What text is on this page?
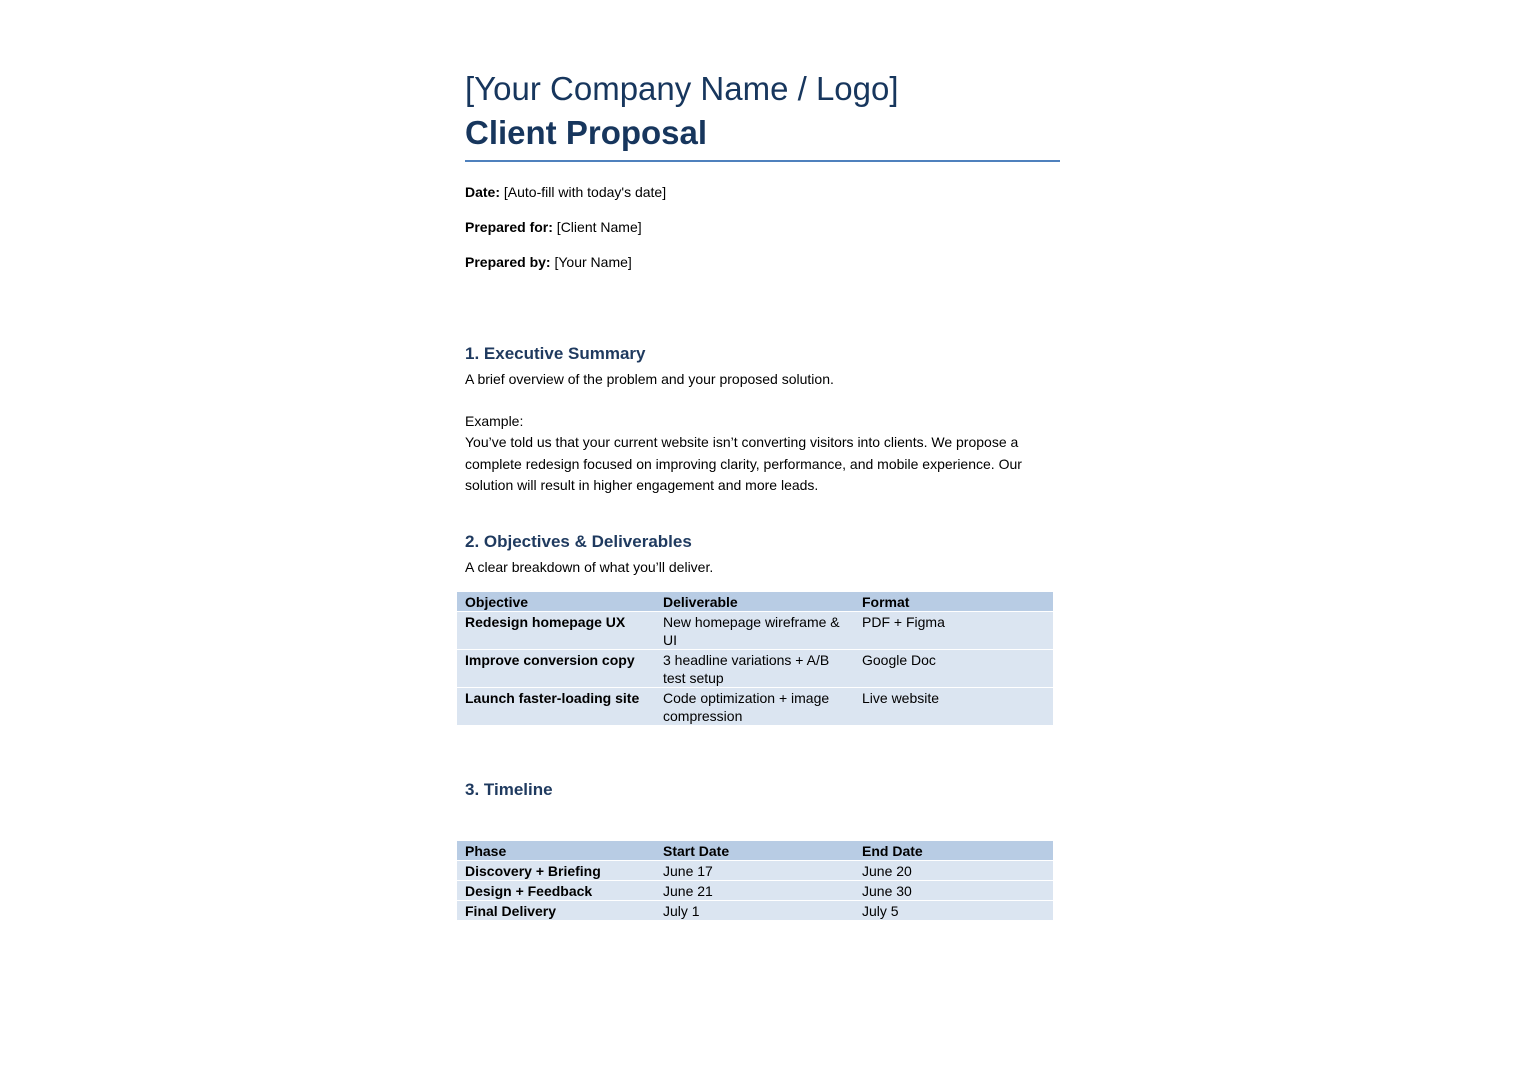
[Your Company Name / Logo]
Client Proposal
Date: [Auto-fill with today's date]
Prepared for: [Client Name]
Prepared by: [Your Name]
1. Executive Summary
A brief overview of the problem and your proposed solution.
Example:
You’ve told us that your current website isn’t converting visitors into clients. We propose a complete redesign focused on improving clarity, performance, and mobile experience. Our solution will result in higher engagement and more leads.
2. Objectives & Deliverables
A clear breakdown of what you’ll deliver.
Objective	Deliverable	Format
Redesign homepage UX	New homepage wireframe & UI	PDF + Figma
Improve conversion copy	3 headline variations + A/B test setup	Google Doc
Launch faster-loading site	Code optimization + image compression	Live website
3. Timeline
Phase	Start Date	End Date
Discovery + Briefing	June 17	June 20
Design + Feedback	June 21	June 30
Final Delivery	July 1	July 5
